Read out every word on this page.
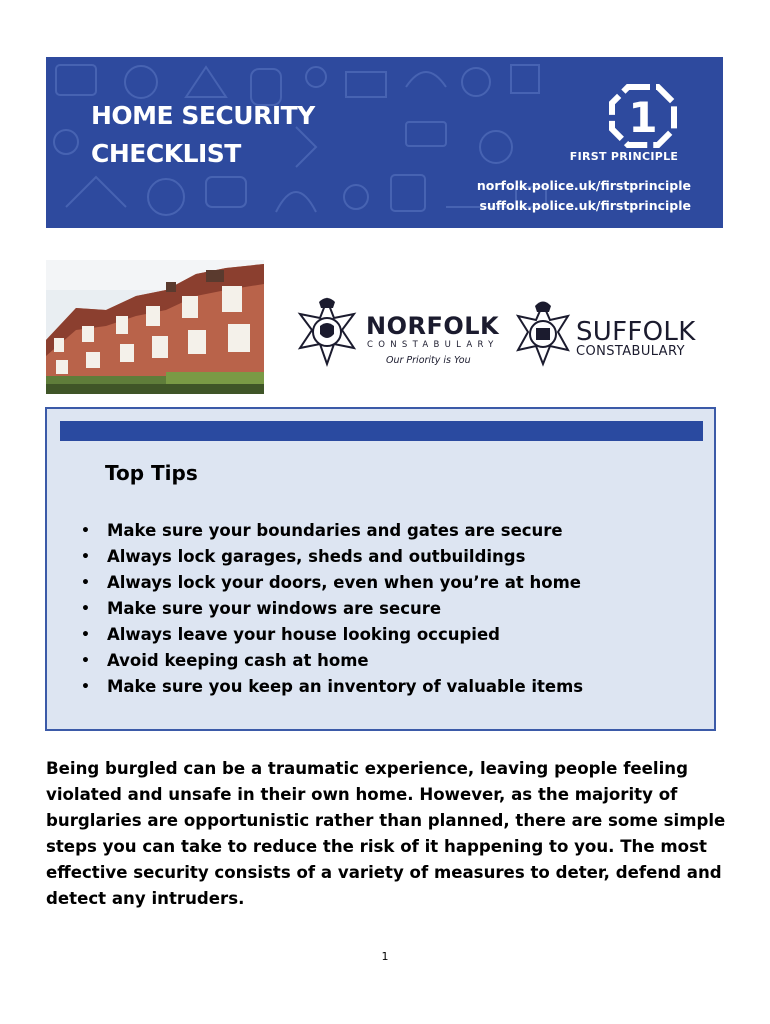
HOME SECURITY
CHECKLIST
1
FIRST PRINCIPLE
norfolk.police.uk/firstprinciple
suffolk.police.uk/firstprinciple
NORFOLK
CONSTABULARY
Our Priority is You
SUFFOLK
CONSTABULARY
Top Tips
• Make sure your boundaries and gates are secure
• Always lock garages, sheds and outbuildings
• Always lock your doors, even when you’re at home
• Make sure your windows are secure
• Always leave your house looking occupied
• Avoid keeping cash at home
• Make sure you keep an inventory of valuable items

Being burgled can be a traumatic experience, leaving people feeling violated and unsafe in their own home. However, as the majority of burglaries are opportunistic rather than planned, there are some simple steps you can take to reduce the risk of it happening to you. The most effective security consists of a variety of measures to deter, defend and detect any intruders.

1
